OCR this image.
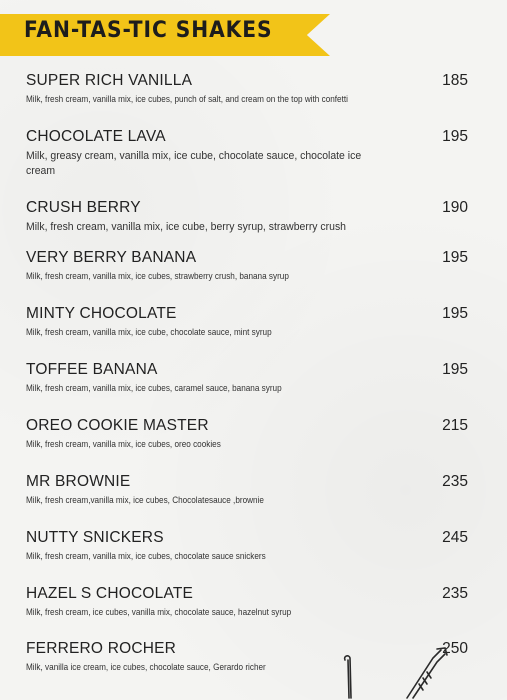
FAN-TAS-TIC SHAKES
SUPER RICH VANILLA	185
Milk, fresh cream, vanilla mix, ice cubes, punch of salt, and cream on the top with confetti
CHOCOLATE LAVA	195
Milk, greasy cream, vanilla mix, ice cube, chocolate sauce, chocolate ice cream
CRUSH BERRY	190
Milk, fresh cream, vanilla mix, ice cube, berry syrup, strawberry crush
VERY BERRY BANANA	195
Milk, fresh cream, vanilla mix, ice cubes, strawberry crush, banana syrup
MINTY CHOCOLATE	195
Milk, fresh cream, vanilla mix, ice cube, chocolate sauce, mint syrup
TOFFEE BANANA	195
Milk, fresh cream, vanilla mix, ice cubes, caramel sauce, banana syrup
OREO COOKIE MASTER	215
Milk, fresh cream, vanilla mix, ice cubes, oreo cookies
MR BROWNIE	235
Milk, fresh cream,vanilla mix, ice cubes, Chocolatesauce ,brownie
NUTTY SNICKERS	245
Milk, fresh cream, vanilla mix, ice cubes, chocolate sauce snickers
HAZEL S CHOCOLATE	235
Milk, fresh cream, ice cubes, vanilla mix, chocolate sauce, hazelnut syrup
FERRERO ROCHER	250
Milk, vanilla ice cream, ice cubes, chocolate sauce, Gerardo richer
